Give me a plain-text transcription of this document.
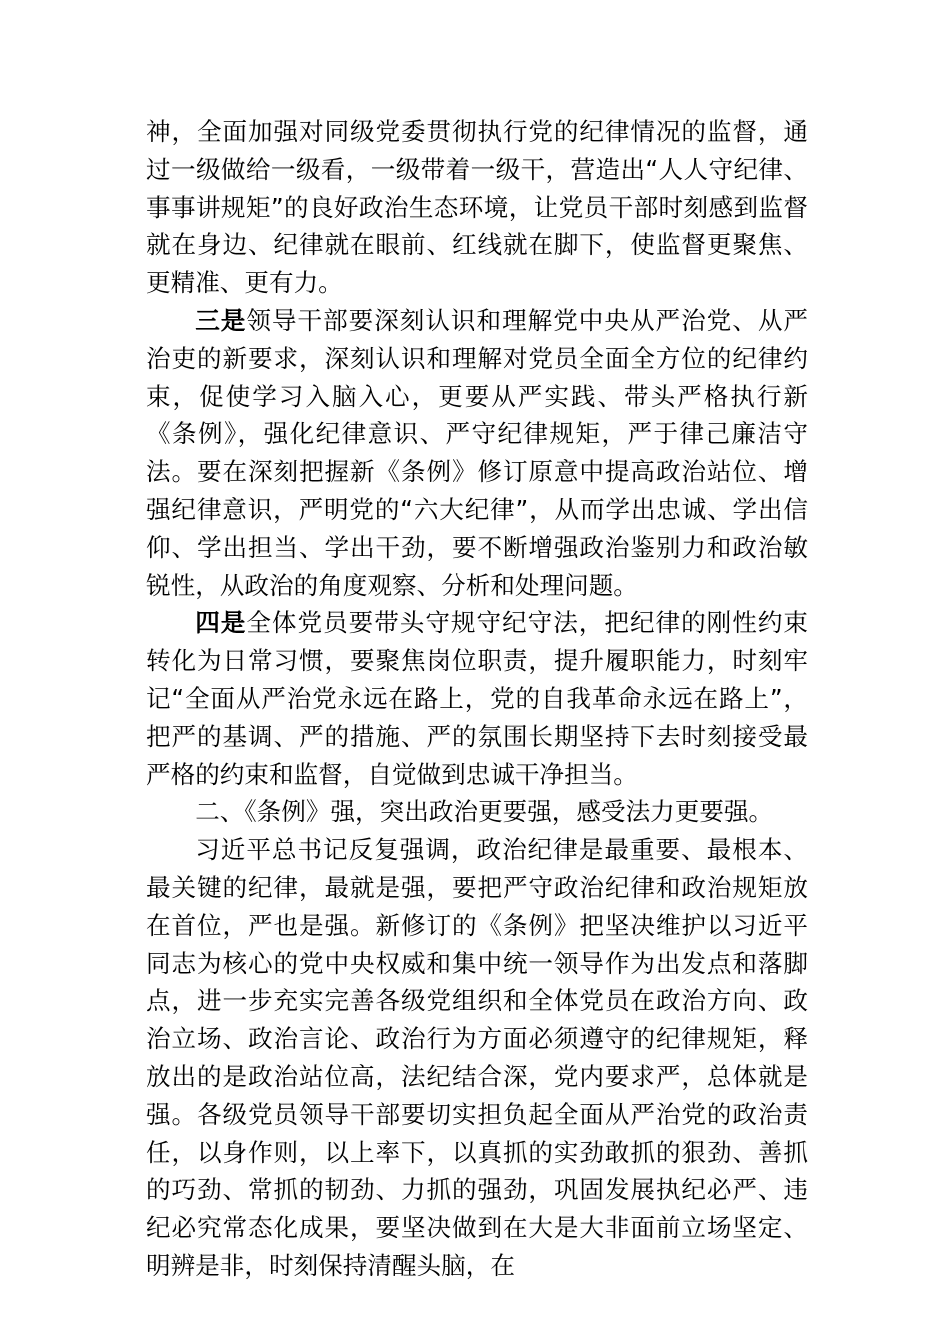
神，全面加强对同级党委贯彻执行党的纪律情况的监督，通过一级做给一级看，一级带着一级干，营造出“人人守纪律、事事讲规矩”的良好政治生态环境，让党员干部时刻感到监督就在身边、纪律就在眼前、红线就在脚下，使监督更聚焦、更精准、更有力。

三是领导干部要深刻认识和理解党中央从严治党、从严治吏的新要求，深刻认识和理解对党员全面全方位的纪律约束，促使学习入脑入心，更要从严实践、带头严格执行新《条例》，强化纪律意识、严守纪律规矩，严于律己廉洁守法。要在深刻把握新《条例》修订原意中提高政治站位、增强纪律意识，严明党的“六大纪律”，从而学出忠诚、学出信仰、学出担当、学出干劲，要不断增强政治鉴别力和政治敏锐性，从政治的角度观察、分析和处理问题。

四是全体党员要带头守规守纪守法，把纪律的刚性约束转化为日常习惯，要聚焦岗位职责，提升履职能力，时刻牢记“全面从严治党永远在路上，党的自我革命永远在路上”，把严的基调、严的措施、严的氛围长期坚持下去时刻接受最严格的约束和监督，自觉做到忠诚干净担当。

二、《条例》强，突出政治更要强，感受法力更要强。

习近平总书记反复强调，政治纪律是最重要、最根本、最关键的纪律，最就是强，要把严守政治纪律和政治规矩放在首位，严也是强。新修订的《条例》把坚决维护以习近平同志为核心的党中央权威和集中统一领导作为出发点和落脚点，进一步充实完善各级党组织和全体党员在政治方向、政治立场、政治言论、政治行为方面必须遵守的纪律规矩，释放出的是政治站位高，法纪结合深，党内要求严，总体就是强。各级党员领导干部要切实担负起全面从严治党的政治责任，以身作则，以上率下，以真抓的实劲敢抓的狠劲、善抓的巧劲、常抓的韧劲、力抓的强劲，巩固发展执纪必严、违纪必究常态化成果，要坚决做到在大是大非面前立场坚定、明辨是非，时刻保持清醒头脑，在
